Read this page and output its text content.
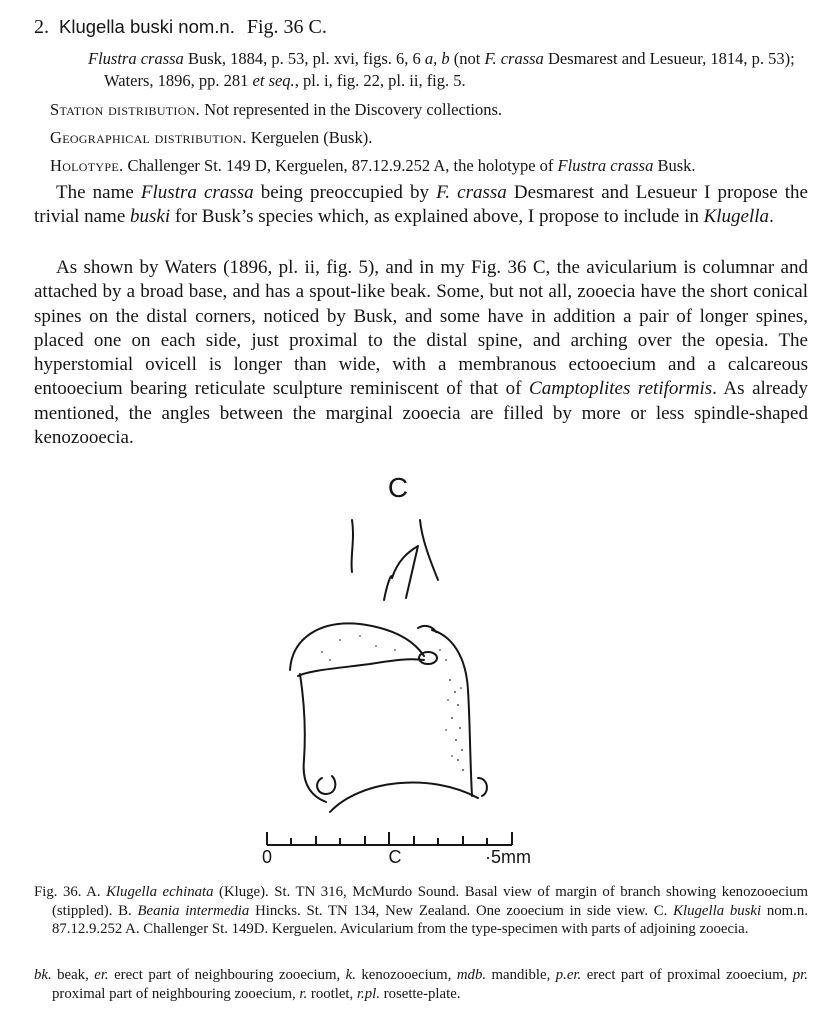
2. Klugella buski nom.n. Fig. 36 C.
Flustra crassa Busk, 1884, p. 53, pl. xvi, figs. 6, 6 a, b (not F. crassa Desmarest and Lesueur, 1814, p. 53); Waters, 1896, pp. 281 et seq., pl. i, fig. 22, pl. ii, fig. 5.
Station distribution. Not represented in the Discovery collections.
Geographical distribution. Kerguelen (Busk).
Holotype. Challenger St. 149 D, Kerguelen, 87.12.9.252 A, the holotype of Flustra crassa Busk.
The name Flustra crassa being preoccupied by F. crassa Desmarest and Lesueur I propose the trivial name buski for Busk’s species which, as explained above, I propose to include in Klugella.
As shown by Waters (1896, pl. ii, fig. 5), and in my Fig. 36 C, the avicularium is columnar and attached by a broad base, and has a spout-like beak. Some, but not all, zooecia have the short conical spines on the distal corners, noticed by Busk, and some have in addition a pair of longer spines, placed one on each side, just proximal to the distal spine, and arching over the opesia. The hyperstomial ovicell is longer than wide, with a membranous ectooecium and a calcareous entooecium bearing reticulate sculpture reminiscent of that of Camptoplites retiformis. As already mentioned, the angles between the marginal zooecia are filled by more or less spindle-shaped kenozooecia.
C
0	C	·5mm
Fig. 36. A. Klugella echinata (Kluge). St. TN 316, McMurdo Sound. Basal view of margin of branch showing kenozooecium (stippled). B. Beania intermedia Hincks. St. TN 134, New Zealand. One zooecium in side view. C. Klugella buski nom.n. 87.12.9.252 A. Challenger St. 149D. Kerguelen. Avicularium from the type-specimen with parts of adjoining zooecia.
bk. beak, er. erect part of neighbouring zooecium, k. kenozooecium, mdb. mandible, p.er. erect part of proximal zooecium, pr. proximal part of neighbouring zooecium, r. rootlet, r.pl. rosette-plate.
